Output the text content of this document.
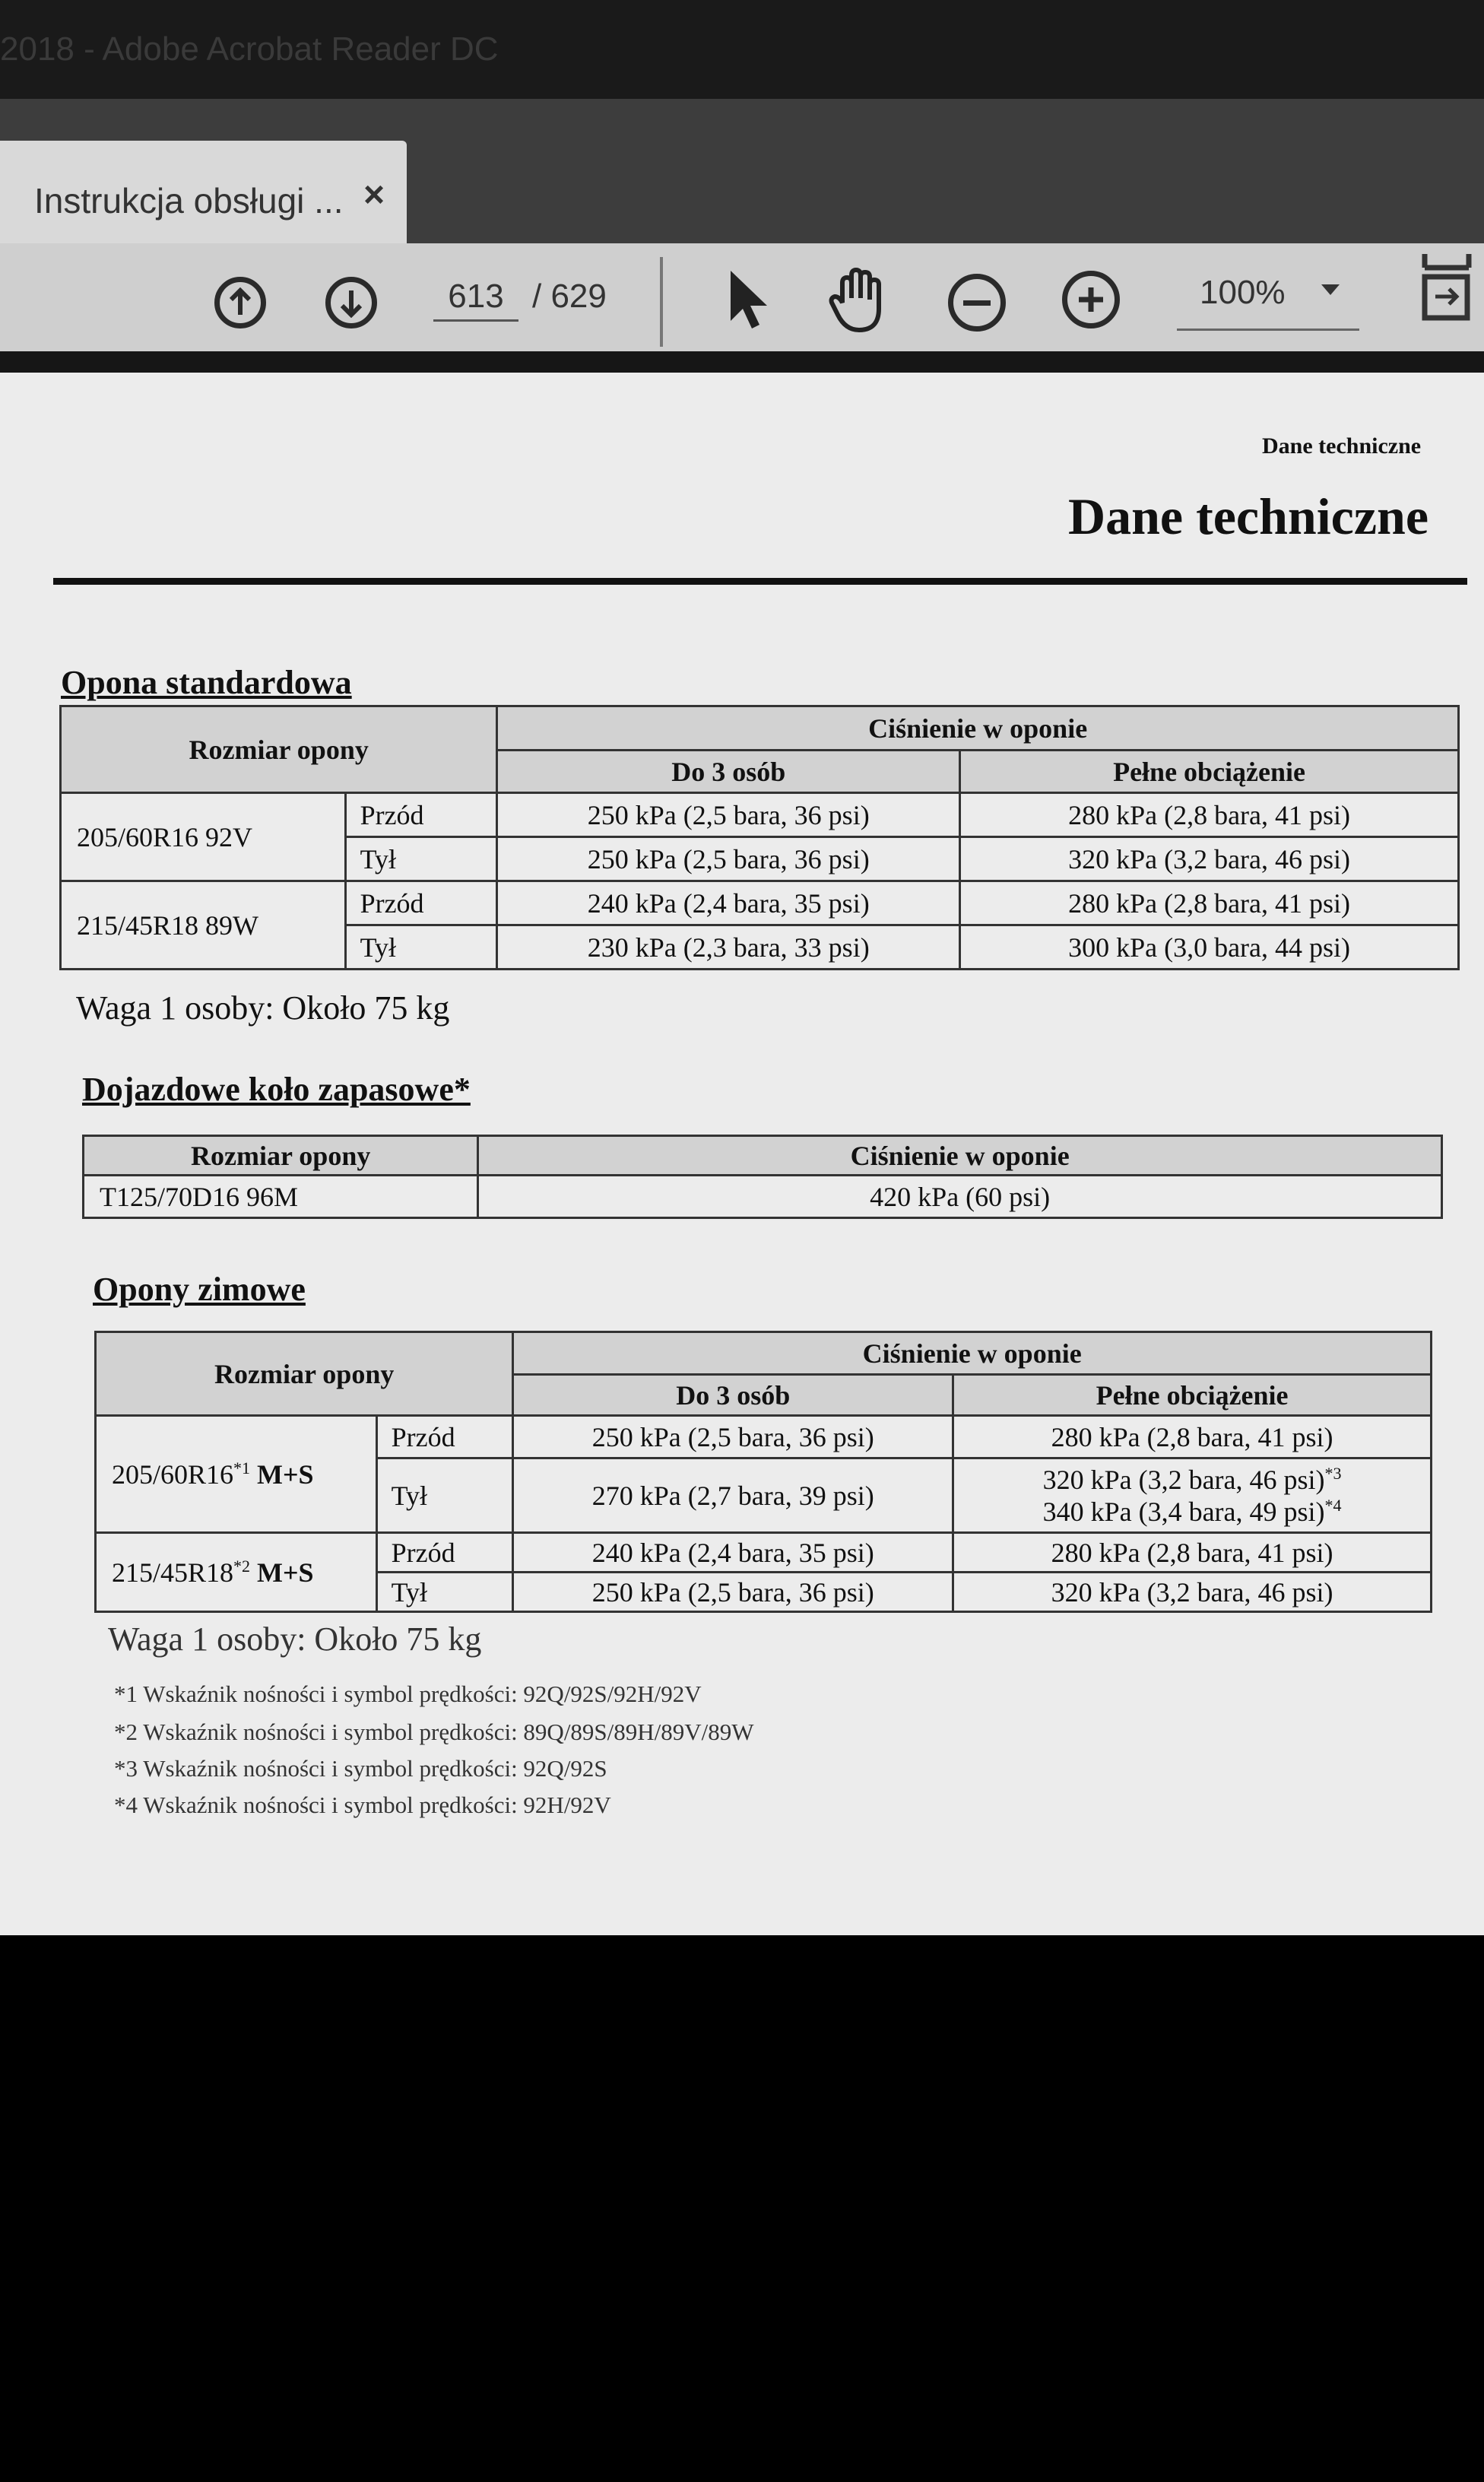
2018 - Adobe Acrobat Reader DC
Instrukcja obsługi ... ×
613 / 629	100%
Dane techniczne
Dane techniczne
Opona standardowa
Rozmiar opony		Ciśnienie w oponie	
		Do 3 osób	Pełne obciążenie
205/60R16 92V	Przód	250 kPa (2,5 bara, 36 psi)	280 kPa (2,8 bara, 41 psi)
	Tył	250 kPa (2,5 bara, 36 psi)	320 kPa (3,2 bara, 46 psi)
215/45R18 89W	Przód	240 kPa (2,4 bara, 35 psi)	280 kPa (2,8 bara, 41 psi)
	Tył	230 kPa (2,3 bara, 33 psi)	300 kPa (3,0 bara, 44 psi)
Waga 1 osoby: Około 75 kg
Dojazdowe koło zapasowe*
Rozmiar opony	Ciśnienie w oponie
T125/70D16 96M	420 kPa (60 psi)
Opony zimowe
Rozmiar opony		Ciśnienie w oponie	
		Do 3 osób	Pełne obciążenie
205/60R16$^{*1}$ M+S	Przód	250 kPa (2,5 bara, 36 psi)	280 kPa (2,8 bara, 41 psi)
	Tył	270 kPa (2,7 bara, 39 psi)	320 kPa (3,2 bara, 46 psi)$^{*3}$
340 kPa (3,4 bara, 49 psi)$^{*4}$

215/45R18$^{*2}$ M+S	Przód	240 kPa (2,4 bara, 35 psi)	280 kPa (2,8 bara, 41 psi)
	Tył	250 kPa (2,5 bara, 36 psi)	320 kPa (3,2 bara, 46 psi)
Waga 1 osoby: Około 75 kg
*1 Wskaźnik nośności i symbol prędkości: 92Q/92S/92H/92V
*2 Wskaźnik nośności i symbol prędkości: 89Q/89S/89H/89V/89W
*3 Wskaźnik nośności i symbol prędkości: 92Q/92S
*4 Wskaźnik nośności i symbol prędkości: 92H/92V
